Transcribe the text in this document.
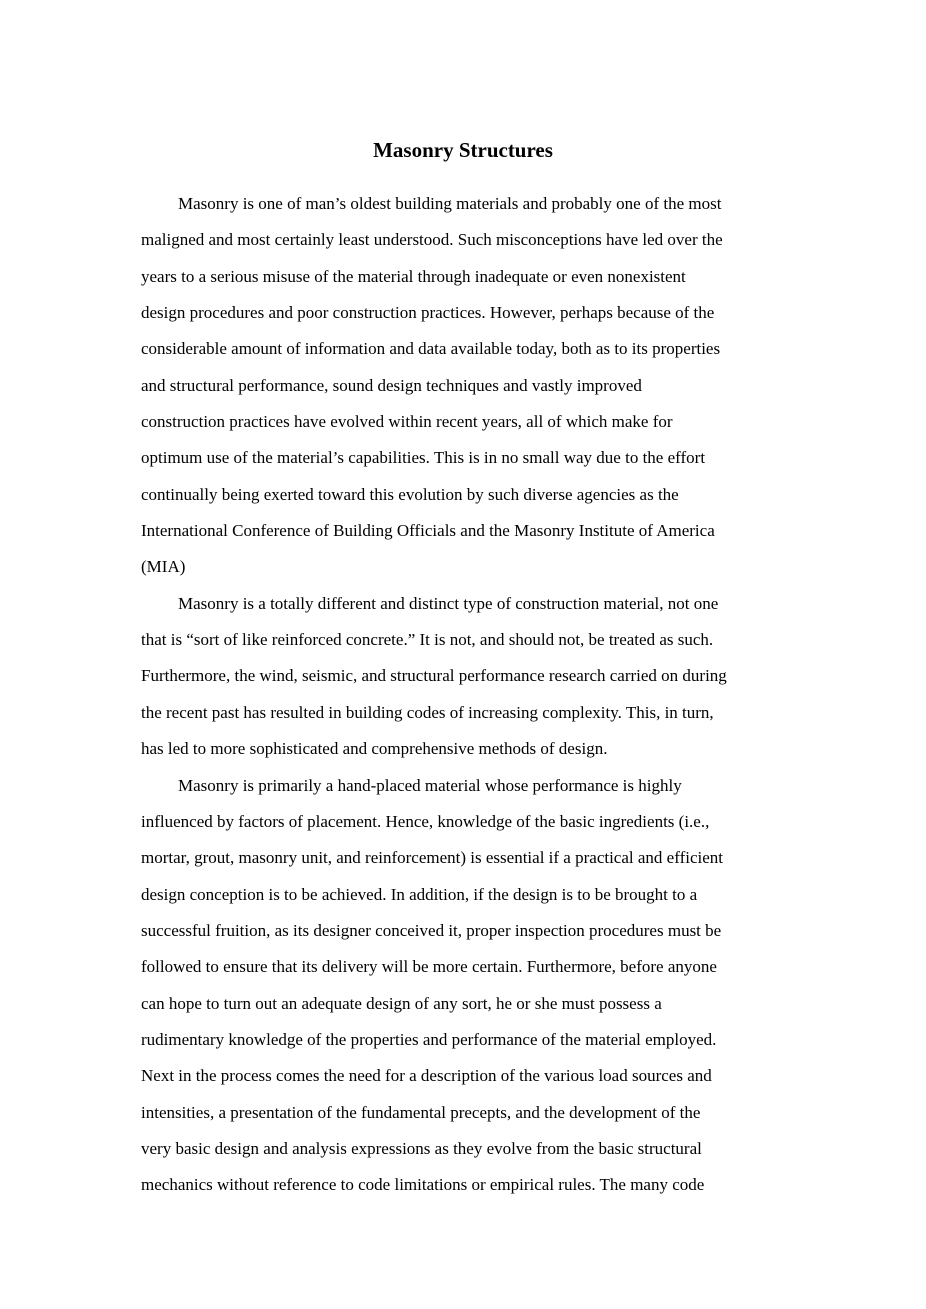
Masonry Structures

Masonry is one of man’s oldest building materials and probably one of the most
maligned and most certainly least understood. Such misconceptions have led over the
years to a serious misuse of the material through inadequate or even nonexistent
design procedures and poor construction practices. However, perhaps because of the
considerable amount of information and data available today, both as to its properties
and structural performance, sound design techniques and vastly improved
construction practices have evolved within recent years, all of which make for
optimum use of the material’s capabilities. This is in no small way due to the effort
continually being exerted toward this evolution by such diverse agencies as the
International Conference of Building Officials and the Masonry Institute of America
(MIA)

Masonry is a totally different and distinct type of construction material, not one
that is “sort of like reinforced concrete.” It is not, and should not, be treated as such.
Furthermore, the wind, seismic, and structural performance research carried on during
the recent past has resulted in building codes of increasing complexity. This, in turn,
has led to more sophisticated and comprehensive methods of design.

Masonry is primarily a hand-placed material whose performance is highly
influenced by factors of placement. Hence, knowledge of the basic ingredients (i.e.,
mortar, grout, masonry unit, and reinforcement) is essential if a practical and efficient
design conception is to be achieved. In addition, if the design is to be brought to a
successful fruition, as its designer conceived it, proper inspection procedures must be
followed to ensure that its delivery will be more certain. Furthermore, before anyone
can hope to turn out an adequate design of any sort, he or she must possess a
rudimentary knowledge of the properties and performance of the material employed.
Next in the process comes the need for a description of the various load sources and
intensities, a presentation of the fundamental precepts, and the development of the
very basic design and analysis expressions as they evolve from the basic structural
mechanics without reference to code limitations or empirical rules. The many code
